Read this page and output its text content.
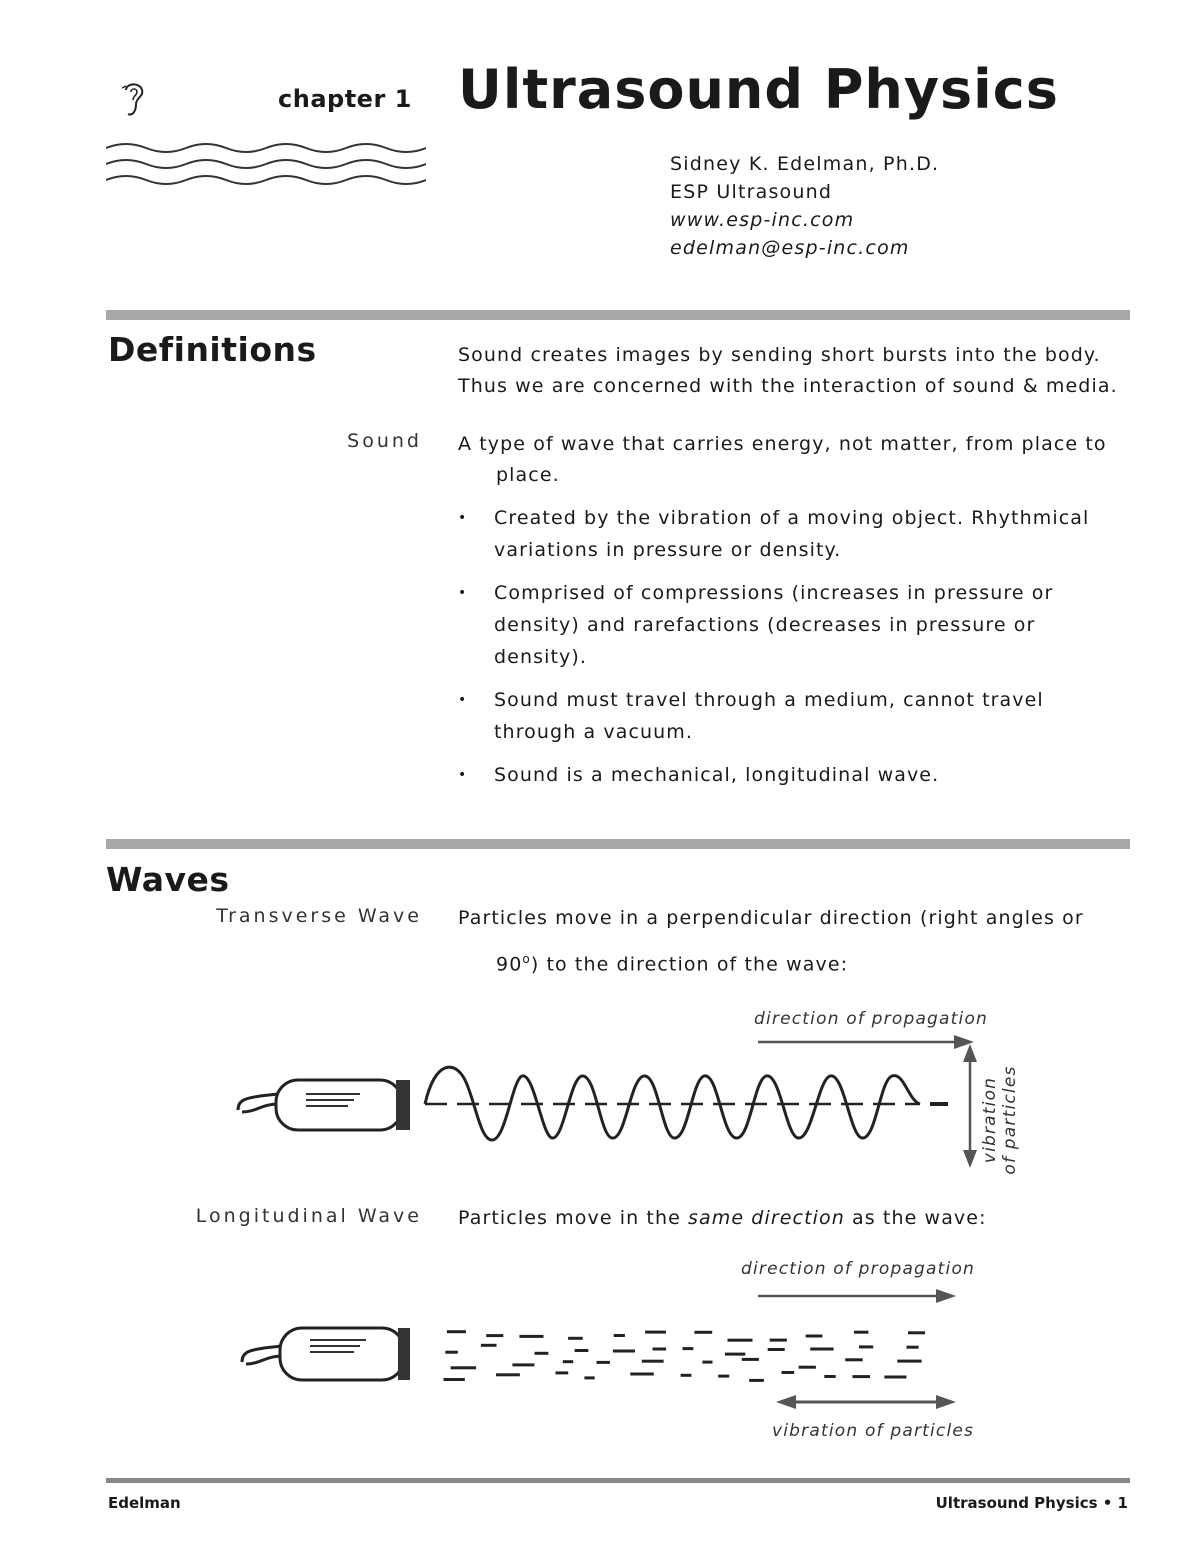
chapter 1 Ultrasound Physics
Sidney K. Edelman, Ph.D.
ESP Ultrasound
www.esp-inc.com
edelman@esp-inc.com
Definitions	Sound creates images by sending short bursts into the body.
Thus we are concerned with the interaction of sound & media.
Sound A type of wave that carries energy, not matter, from place to
place.
• Created by the vibration of a moving object. Rhythmical
variations in pressure or density.
• Comprised of compressions (increases in pressure or
density) and rarefactions (decreases in pressure or
density).
• Sound must travel through a medium, cannot travel
through a vacuum.
• Sound is a mechanical, longitudinal wave.
Waves
Transverse Wave Particles move in a perpendicular direction (right angles or
90$^o$) to the direction of the wave:
direction of propagation
vibration of particles
Longitudinal Wave Particles move in the same direction as the wave:
direction of propagation
vibration of particles
Edelman	Ultrasound Physics • 1
